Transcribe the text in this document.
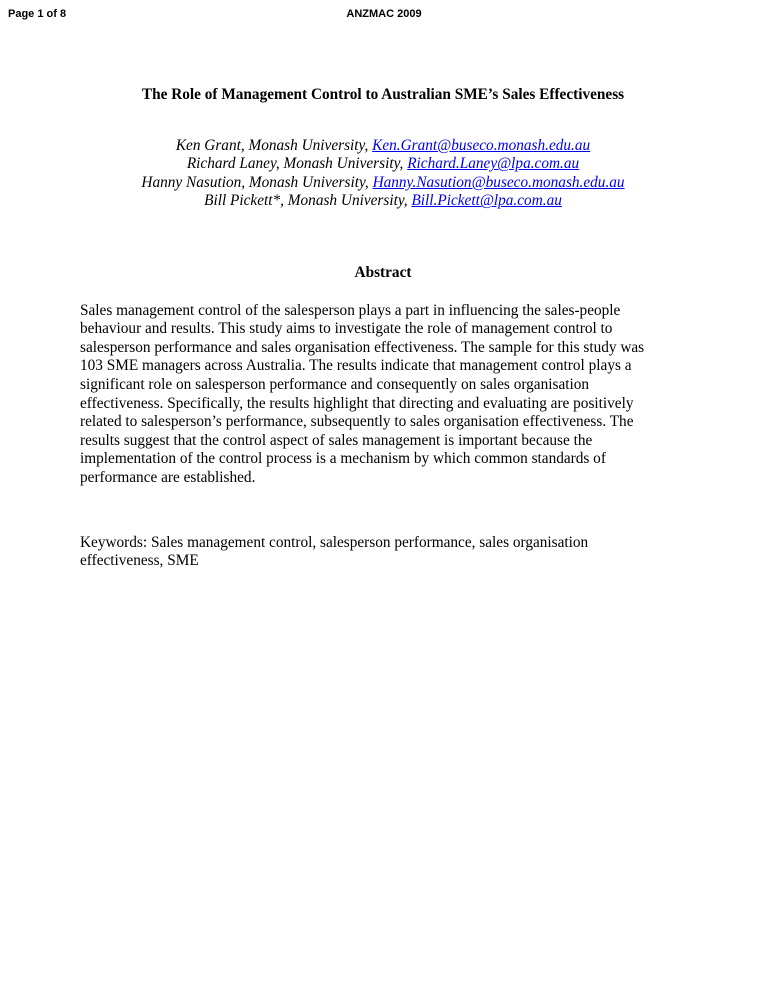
Page 1 of 8	ANZMAC 2009

The Role of Management Control to Australian SME’s Sales Effectiveness

Ken Grant, Monash University, Ken.Grant@buseco.monash.edu.au
Richard Laney, Monash University, Richard.Laney@lpa.com.au
Hanny Nasution, Monash University, Hanny.Nasution@buseco.monash.edu.au
Bill Pickett*, Monash University, Bill.Pickett@lpa.com.au

Abstract

Sales management control of the salesperson plays a part in influencing the sales-people
behaviour and results. This study aims to investigate the role of management control to
salesperson performance and sales organisation effectiveness. The sample for this study was
103 SME managers across Australia. The results indicate that management control plays a
significant role on salesperson performance and consequently on sales organisation
effectiveness. Specifically, the results highlight that directing and evaluating are positively
related to salesperson’s performance, subsequently to sales organisation effectiveness. The
results suggest that the control aspect of sales management is important because the
implementation of the control process is a mechanism by which common standards of
performance are established.

Keywords: Sales management control, salesperson performance, sales organisation
effectiveness, SME
